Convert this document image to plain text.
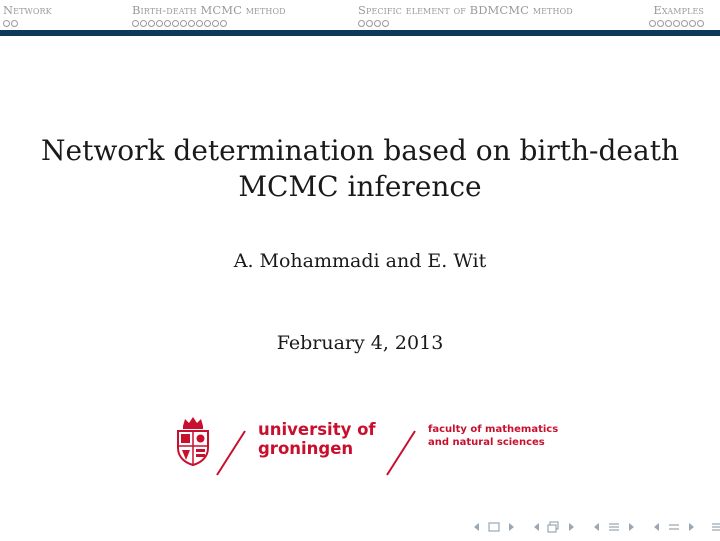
Network	Birth-death MCMC method	Specific element of BDMCMC method	Examples
Network determination based on birth-death
MCMC inference
A. Mohammadi and E. Wit
February 4, 2013
university of
groningen
faculty of mathematics
and natural sciences
